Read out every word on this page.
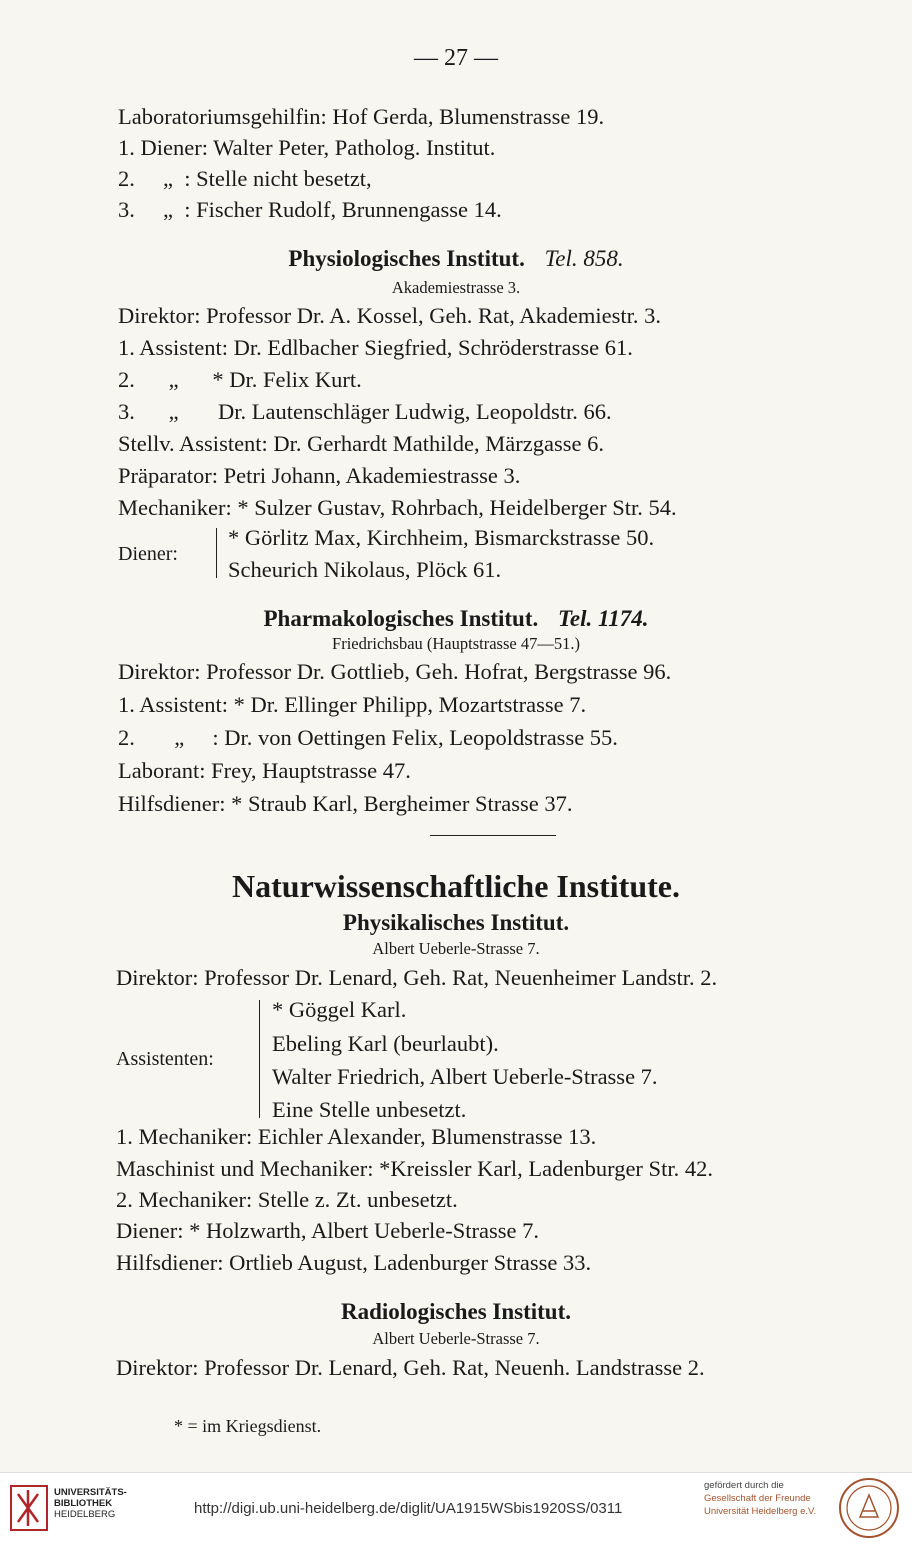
— 27 —
Laboratoriumsgehilfin: Hof Gerda, Blumenstrasse 19.
1. Diener: Walter Peter, Patholog. Institut.
2.     „  : Stelle nicht besetzt,
3.     „  : Fischer Rudolf, Brunnengasse 14.
Physiologisches Institut. Tel. 858.
Akademiestrasse 3.
Direktor: Professor Dr. A. Kossel, Geh. Rat, Akademiestr. 3.
1. Assistent: Dr. Edlbacher Siegfried, Schröderstrasse 61.
2.      „      * Dr. Felix Kurt.
3.      „       Dr. Lautenschläger Ludwig, Leopoldstr. 66.
Stellv. Assistent: Dr. Gerhardt Mathilde, Märzgasse 6.
Präparator: Petri Johann, Akademiestrasse 3.
Mechaniker: * Sulzer Gustav, Rohrbach, Heidelberger Str. 54.
Diener:
* Görlitz Max, Kirchheim, Bismarckstrasse 50.
Scheurich Nikolaus, Plöck 61.
Pharmakologisches Institut. Tel. 1174.
Friedrichsbau (Hauptstrasse 47—51.)
Direktor: Professor Dr. Gottlieb, Geh. Hofrat, Bergstrasse 96.
1. Assistent: * Dr. Ellinger Philipp, Mozartstrasse 7.
2.       „     : Dr. von Oettingen Felix, Leopoldstrasse 55.
Laborant: Frey, Hauptstrasse 47.
Hilfsdiener: * Straub Karl, Bergheimer Strasse 37.
Naturwissenschaftliche Institute.
Physikalisches Institut.
Albert Ueberle-Strasse 7.
Direktor: Professor Dr. Lenard, Geh. Rat, Neuenheimer Landstr. 2.
Assistenten:
* Göggel Karl.
Ebeling Karl (beurlaubt).
Walter Friedrich, Albert Ueberle-Strasse 7.
Eine Stelle unbesetzt.
1. Mechaniker: Eichler Alexander, Blumenstrasse 13.
Maschinist und Mechaniker: *Kreissler Karl, Ladenburger Str. 42.
2. Mechaniker: Stelle z. Zt. unbesetzt.
Diener: * Holzwarth, Albert Ueberle-Strasse 7.
Hilfsdiener: Ortlieb August, Ladenburger Strasse 33.
Radiologisches Institut.
Albert Ueberle-Strasse 7.
Direktor: Professor Dr. Lenard, Geh. Rat, Neuenh. Landstrasse 2.
* = im Kriegsdienst.
UNIVERSITÄTS-
BIBLIOTHEK
HEIDELBERG	http://digi.ub.uni-heidelberg.de/diglit/UA1915WSbis1920SS/0311
gefördert durch die
Gesellschaft der Freunde
Universität Heidelberg e.V.
